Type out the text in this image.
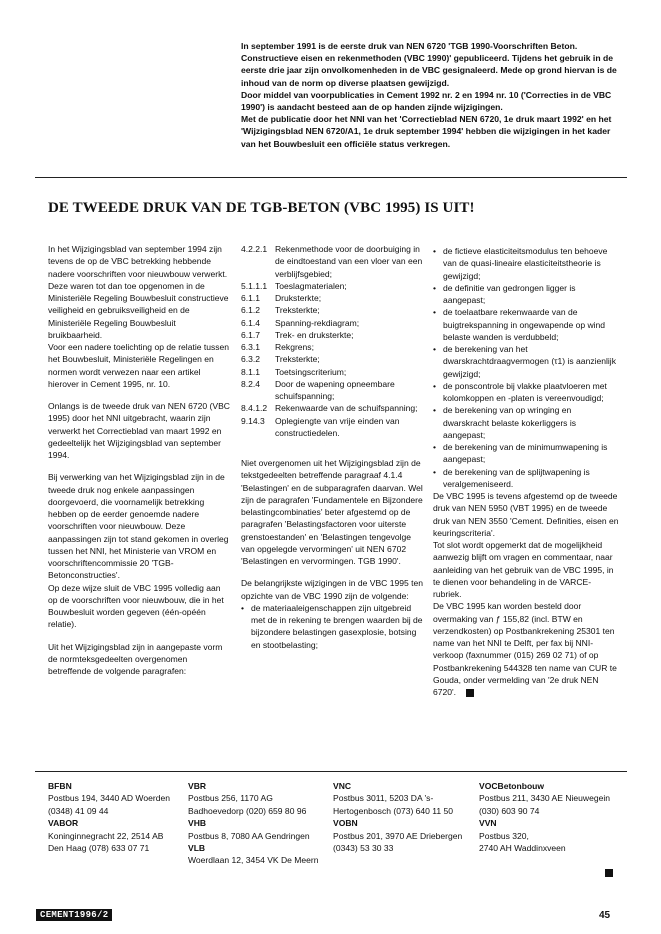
In september 1991 is de eerste druk van NEN 6720 'TGB 1990-Voorschriften Beton. Constructieve eisen en rekenmethoden (VBC 1990)' gepubliceerd. Tijdens het gebruik in de eerste drie jaar zijn onvolkomenheden in de VBC gesignaleerd. Mede op grond hiervan is de inhoud van de norm op diverse plaatsen gewijzigd.

Door middel van voorpublicaties in Cement 1992 nr. 2 en 1994 nr. 10 ('Correcties in de VBC 1990') is aandacht besteed aan de op handen zijnde wijzigingen.

Met de publicatie door het NNI van het 'Correctieblad NEN 6720, 1e druk maart 1992' en het 'Wijzigingsblad NEN 6720/A1, 1e druk september 1994' hebben die wijzigingen in het kader van het Bouwbesluit een officiële status verkregen.

DE TWEEDE DRUK VAN DE TGB-BETON (VBC 1995) IS UIT!

In het Wijzigingsblad van september 1994 zijn tevens de op de VBC betrekking hebbende nadere voorschriften voor nieuwbouw verwerkt. Deze waren tot dan toe opgenomen in de Ministeriële Regeling Bouwbesluit constructieve veiligheid en gebruiksveiligheid en de Ministeriële Regeling Bouwbesluit bruikbaarheid.

Voor een nadere toelichting op de relatie tussen het Bouwbesluit, Ministeriële Regelingen en normen wordt verwezen naar een artikel hierover in Cement 1995, nr. 10.

Onlangs is de tweede druk van NEN 6720 (VBC 1995) door het NNI uitgebracht, waarin zijn verwerkt het Correctieblad van maart 1992 en gedeeltelijk het Wijzigingsblad van september 1994.

Bij verwerking van het Wijzigingsblad zijn in de tweede druk nog enkele aanpassingen doorgevoerd, die voornamelijk betrekking hebben op de eerder genoemde nadere voorschriften voor nieuwbouw. Deze aanpassingen zijn tot stand gekomen in overleg tussen het NNI, het Ministerie van VROM en voorschriftencommissie 20 'TGB-Betonconstructies'.

Op deze wijze sluit de VBC 1995 volledig aan op de voorschriften voor nieuwbouw, die in het Bouwbesluit worden gegeven (één-opéén relatie).

Uit het Wijzigingsblad zijn in aangepaste vorm de normteksgedeelten overgenomen betreffende de volgende paragrafen:

4.2.2.1 Rekenmethode voor de doorbuiging in de eindtoestand van een vloer van een verblijfsgebied;
5.1.1.1 Toeslagmaterialen;
6.1.1	Druksterkte;
6.1.2	Treksterkte;
6.1.4	Spanning-rekdiagram;
6.1.7	Trek- en druksterkte;
6.3.1	Rekgrens;
6.3.2	Treksterkte;
8.1.1	Toetsingscriterium;
8.2.4	Door de wapening opneembare schuifspanning;
8.4.1.2 Rekenwaarde van de schuifspanning;
9.14.3	Oplegiengte van vrije einden van constructiedelen.

Niet overgenomen uit het Wijzigingsblad zijn de tekstgedeelten betreffende paragraaf 4.1.4 'Belastingen' en de subparagrafen daarvan. Wel zijn de paragrafen 'Fundamentele en Bijzondere belastingcombinaties' beter afgestemd op de paragrafen 'Belastingsfactoren voor uiterste grenstoestanden' en 'Belastingen tengevolge van opgelegde vervormingen' uit NEN 6702 'Belastingen en vervormingen. TGB 1990'.

De belangrijkste wijzigingen in de VBC 1995 ten opzichte van de VBC 1990 zijn de volgende:

• de materiaaleigenschappen zijn uitgebreid met de in rekening te brengen waarden bij de bijzondere belastingen gasexplosie, botsing en stootbelasting;
• de fictieve elasticiteitsmodulus ten behoeve van de quasi-lineaire elasticiteitstheorie is gewijzigd;
• de definitie van gedrongen ligger is aangepast;
• de toelaatbare rekenwaarde van de buigtrekspanning in ongewapende op wind belaste wanden is verdubbeld;
• de berekening van het dwarskrachtdraagvermogen (τ1) is aanzienlijk gewijzigd;
• de ponscontrole bij vlakke plaatvloeren met kolomkoppen en -platen is vereenvoudigd;
• de berekening van op wringing en dwarskracht belaste kokerliggers is aangepast;
• de berekening van de minimumwapening is aangepast;
• de berekening van de splijtwapening is veralgemeniseerd.

De VBC 1995 is tevens afgestemd op de tweede druk van NEN 5950 (VBT 1995) en de tweede druk van NEN 3550 'Cement. Definities, eisen en keuringscriteria'.

Tot slot wordt opgemerkt dat de mogelijkheid aanwezig blijft om vragen en commentaar, naar aanleiding van het gebruik van de VBC 1995, in te dienen voor behandeling in de VARCE-rubriek.

De VBC 1995 kan worden besteld door overmaking van ƒ 155,82 (incl. BTW en verzendkosten) op Postbankrekening 25301 ten name van het NNI te Delft, per fax bij NNI-verkoop (faxnummer (015) 269 02 71) of op Postbankrekening 544328 ten name van CUR te Gouda, onder vermelding van '2e druk NEN 6720'.

BFBN
Postbus 194, 3440 AD Woerden
(0348) 41 09 44
VABOR
Koninginnegracht 22, 2514 AB
Den Haag (078) 633 07 71
VBR
Postbus 256, 1170 AG Badhoevedorp (020) 659 80 96
VHB
Postbus 8, 7080 AA Gendringen
VLB
Woerdlaan 12, 3454 VK De Meern
VNC
Postbus 3011, 5203 DA 's-Hertogenbosch (073) 640 11 50
VOBN
Postbus 201, 3970 AE Driebergen (0343) 53 30 33
VOCBetonbouw
Postbus 211, 3430 AE Nieuwegein (030) 603 90 74
VVN
Postbus 320,
2740 AH Waddinxveen
CEMENT1996/2	45
